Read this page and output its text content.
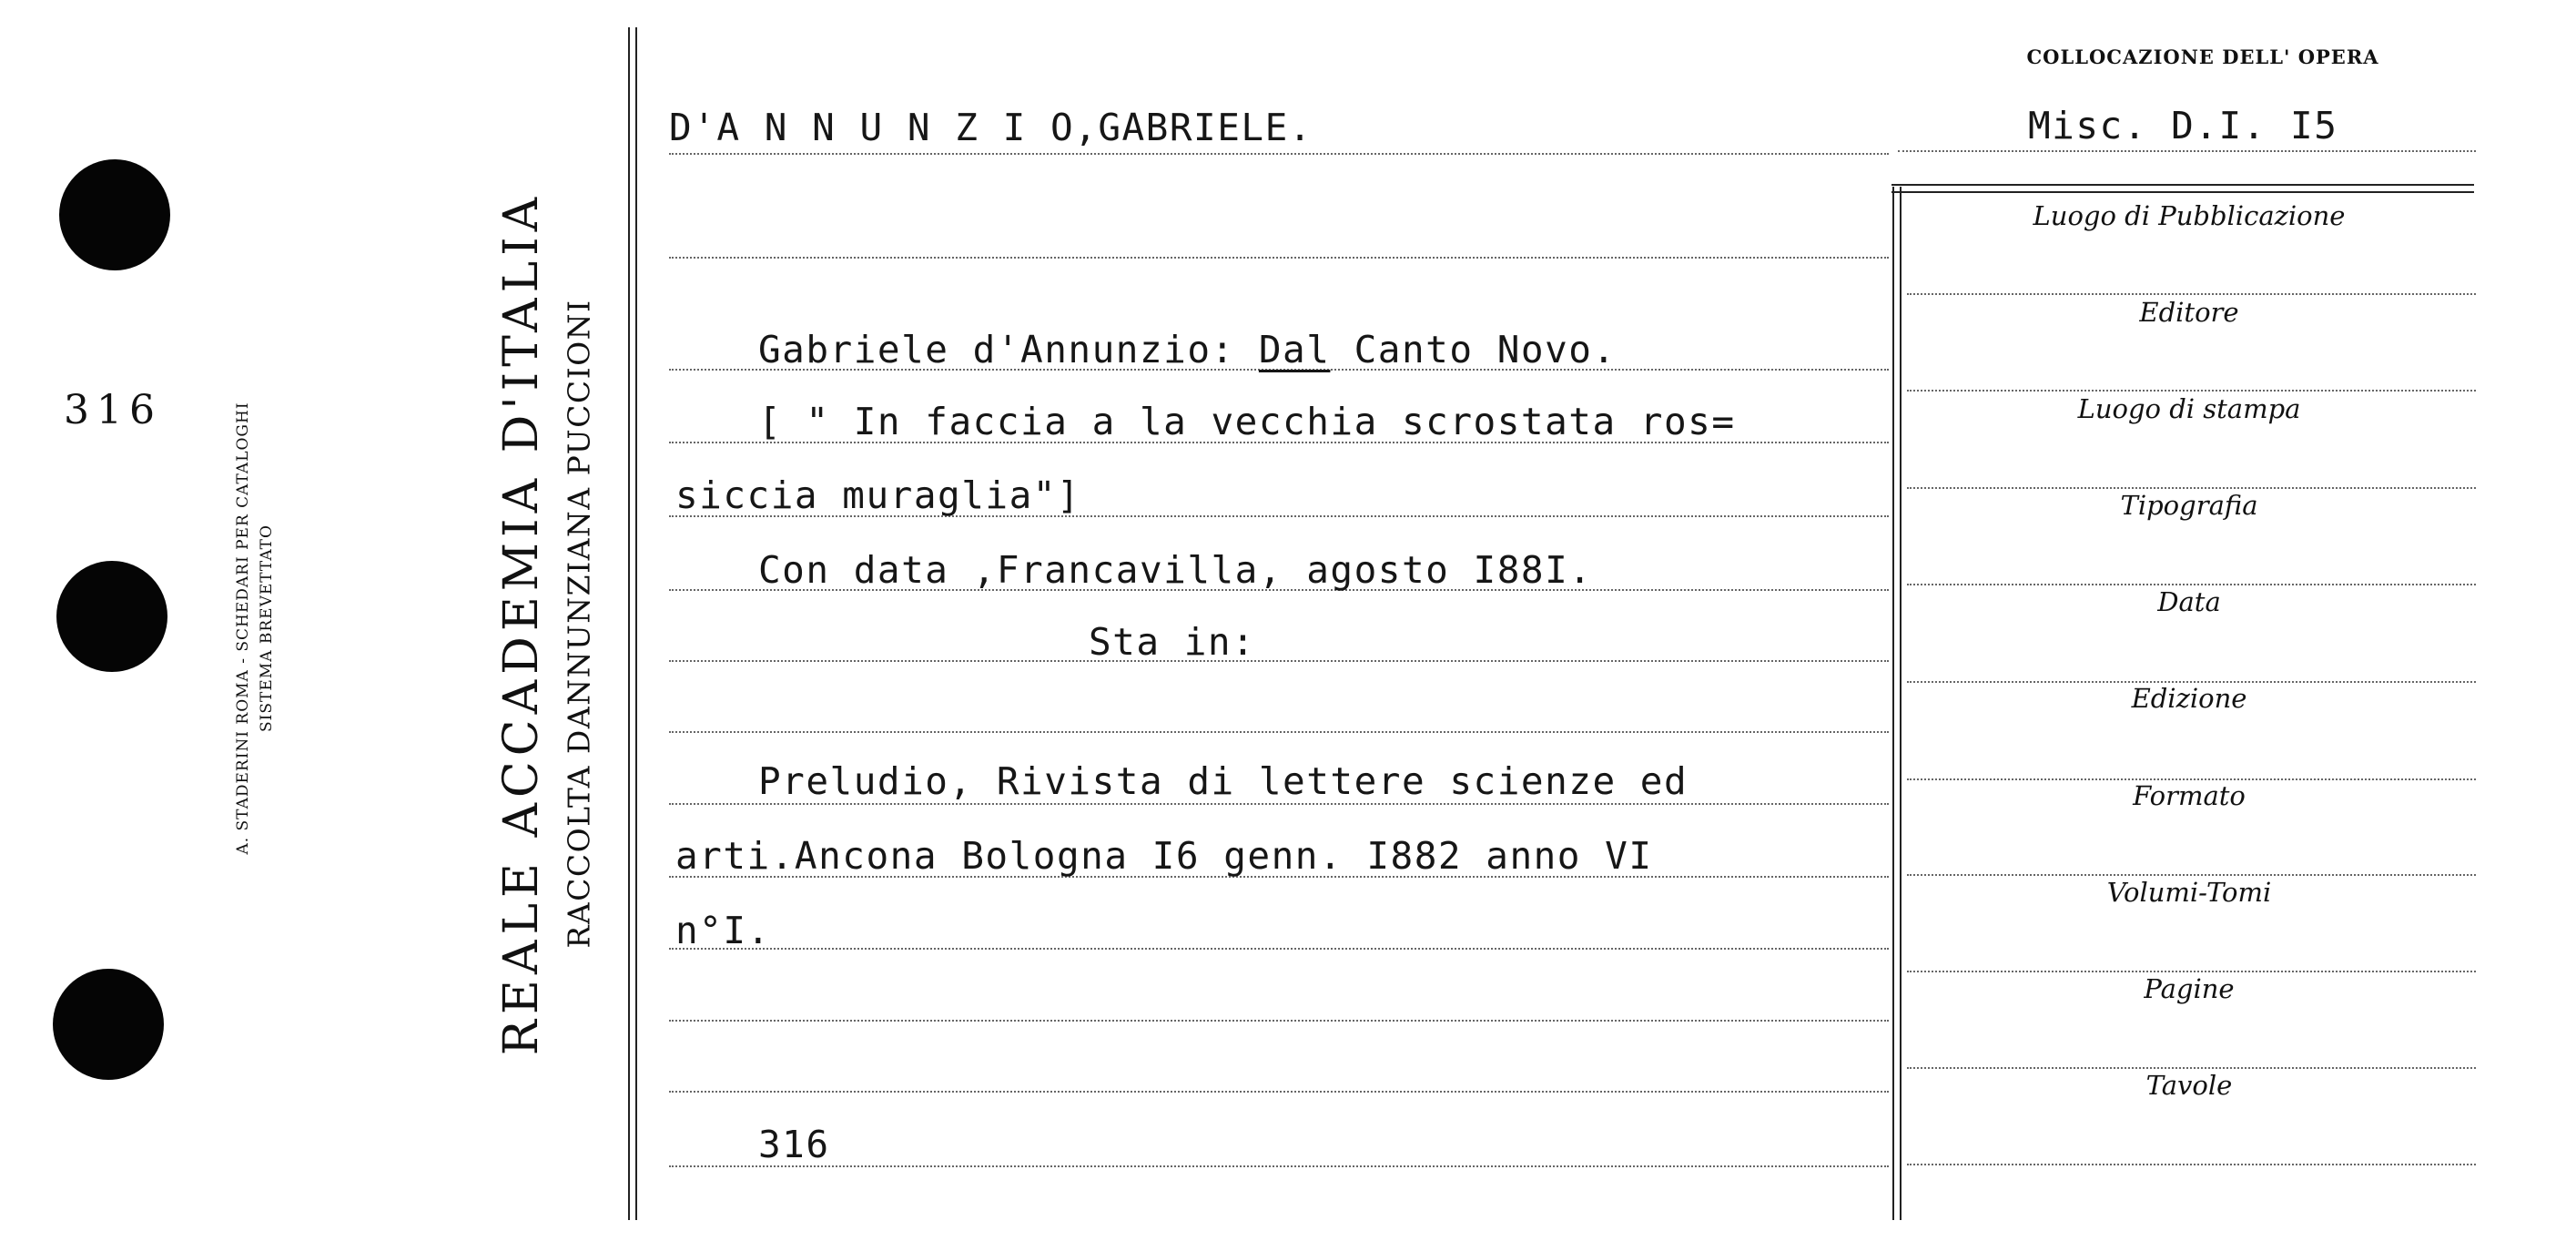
316	A. STADERINI ROMA - SCHEDARI PER CATALOGHI SISTEMA BREVETTATO	REALE ACCADEMIA D'ITALIA RACCOLTA DANNUNZIANA PUCCIONI
COLLOCAZIONE DELL' OPERA
D'A N N U N Z I O,GABRIELE.	Misc. D.I. I5
Gabriele d'Annunzio: Dal Canto Novo.
[ " In faccia a la vecchia scrostata ros=
siccia muraglia"]
Con data ,Francavilla, agosto I88I.
Sta in:
Preludio, Rivista di lettere scienze ed
arti.Ancona Bologna I6 genn. I882 anno VI
n°I.
316
Luogo di Pubblicazione
Editore
Luogo di stampa
Tipografia
Data
Edizione
Formato
Volumi-Tomi
Pagine
Tavole
